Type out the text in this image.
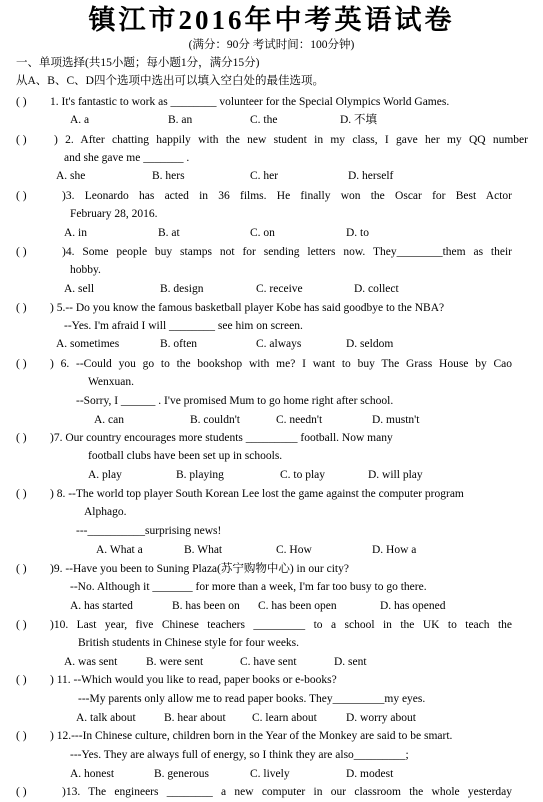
镇江市2016年中考英语试卷
(满分：90分 考试时间：100分钟)
一、单项选择(共15小题；每小题1分，满分15分)
从A、B、C、D四个选项中选出可以填入空白处的最佳选项。
( ) 1. It's fantastic to work as ________ volunteer for the Special Olympics World Games.
A. a	B. an	C. the	D. 不填
( ) ) 2. After chatting happily with the new student in my class, I gave her my QQ number
and she gave me _______ .
A. she	B. hers	C. her	D. herself
( )	)3. Leonardo has acted in 36 films. He finally won the Oscar for Best Actor
February 28, 2016.
A. in	B. at	C. on	D. to
( )	)4. Some people buy stamps not for sending letters now. They________them as their
hobby.
A. sell	B. design	C. receive	D. collect
( ) ) 5.-- Do you know the famous basketball player Kobe has said goodbye to the NBA?
--Yes. I'm afraid I will ________ see him on screen.
A. sometimes	B. often	C. always	D. seldom
( ) ) 6. --Could you go to the bookshop with me? I want to buy The Grass House by Cao
Wenxuan.
--Sorry, I ______ . I've promised Mum to go home right after school.
A. can	B. couldn't	C. needn't	D. mustn't
( ) )7. Our country encourages more students _________ football. Now many
football clubs have been set up in schools.
A. play	B. playing	C. to play	D. will play
( ) ) 8. --The world top player South Korean Lee lost the game against the computer program
Alphago.
---__________surprising news!
A. What a	B. What	C. How	D. How a
( ) )9. --Have you been to Suning Plaza(苏宁购物中心) in our city?
--No. Although it _______ for more than a week, I'm far too busy to go there.
A. has started	B. has been on C. has been open	D. has opened
( ) )10. Last year, five Chinese teachers _________ to a school in the UK to teach the
British students in Chinese style for four weeks.
A. was sent B. were sent	C. have sent	D. sent
( ) ) 11. --Which would you like to read, paper books or e-books?
---My parents only allow me to read paper books. They_________my eyes.
A. talk about B. hear about C. learn about	D. worry about
( ) ) 12.---In Chinese culture, children born in the Year of the Monkey are said to be smart.
---Yes. They are always full of energy, so I think they are also_________;
A. honest	B. generous	C. lively	D. modest
( )	)13. The engineers ________ a new computer in our classroom the whole yesterday
